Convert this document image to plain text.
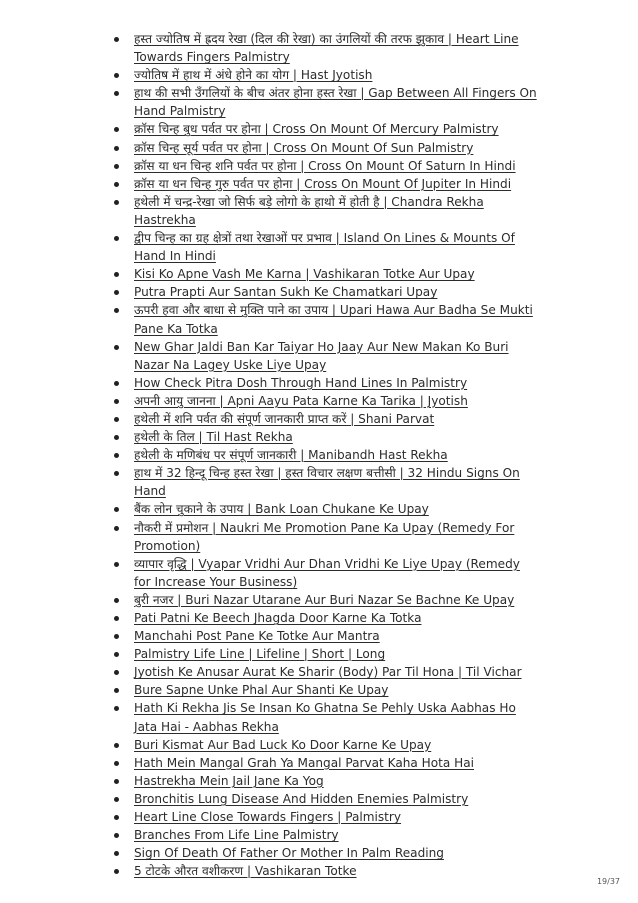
हस्त ज्योतिष में ह्रदय रेखा (दिल की रेखा) का उंगलियों की तरफ झुकाव | Heart Line Towards Fingers Palmistry
ज्योतिष में हाथ में अंधे होने का योग | Hast Jyotish
हाथ की सभी उँगलियों के बीच अंतर होना हस्त रेखा | Gap Between All Fingers On Hand Palmistry
क्रॉस चिन्ह बुध पर्वत पर होना | Cross On Mount Of Mercury Palmistry
क्रॉस चिन्ह सूर्य पर्वत पर होना | Cross On Mount Of Sun Palmistry
क्रॉस या धन चिन्ह शनि पर्वत पर होना | Cross On Mount Of Saturn In Hindi
क्रॉस या धन चिन्ह गुरु पर्वत पर होना | Cross On Mount Of Jupiter In Hindi
हथेली में चन्द्र-रेखा जो सिर्फ बड़े लोगो के हाथो में होती है | Chandra Rekha Hastrekha
द्वीप चिन्ह का ग्रह क्षेत्रों तथा रेखाओं पर प्रभाव | Island On Lines & Mounts Of Hand In Hindi
Kisi Ko Apne Vash Me Karna | Vashikaran Totke Aur Upay
Putra Prapti Aur Santan Sukh Ke Chamatkari Upay
ऊपरी हवा और बाधा से मुक्ति पाने का उपाय | Upari Hawa Aur Badha Se Mukti Pane Ka Totka
New Ghar Jaldi Ban Kar Taiyar Ho Jaay Aur New Makan Ko Buri Nazar Na Lagey Uske Liye Upay
How Check Pitra Dosh Through Hand Lines In Palmistry
अपनी आयु जानना | Apni Aayu Pata Karne Ka Tarika | Jyotish
हथेली में शनि पर्वत की संपूर्ण जानकारी प्राप्त करें | Shani Parvat
हथेली के तिल | Til Hast Rekha
हथेली के मणिबंध पर संपूर्ण जानकारी | Manibandh Hast Rekha
हाथ में 32 हिन्दू चिन्ह हस्त रेखा | हस्त विचार लक्षण बत्तीसी | 32 Hindu Signs On Hand
बैंक लोन चुकाने के उपाय | Bank Loan Chukane Ke Upay
नौकरी में प्रमोशन | Naukri Me Promotion Pane Ka Upay (Remedy For Promotion)
व्यापार वृद्धि | Vyapar Vridhi Aur Dhan Vridhi Ke Liye Upay (Remedy for Increase Your Business)
बुरी नजर | Buri Nazar Utarane Aur Buri Nazar Se Bachne Ke Upay
Pati Patni Ke Beech Jhagda Door Karne Ka Totka
Manchahi Post Pane Ke Totke Aur Mantra
Palmistry Life Line | Lifeline | Short | Long
Jyotish Ke Anusar Aurat Ke Sharir (Body) Par Til Hona | Til Vichar
Bure Sapne Unke Phal Aur Shanti Ke Upay
Hath Ki Rekha Jis Se Insan Ko Ghatna Se Pehly Uska Aabhas Ho Jata Hai - Aabhas Rekha
Buri Kismat Aur Bad Luck Ko Door Karne Ke Upay
Hath Mein Mangal Grah Ya Mangal Parvat Kaha Hota Hai
Hastrekha Mein Jail Jane Ka Yog
Bronchitis Lung Disease And Hidden Enemies Palmistry
Heart Line Close Towards Fingers | Palmistry
Branches From Life Line Palmistry
Sign Of Death Of Father Or Mother In Palm Reading
5 टोटके औरत वशीकरण | Vashikaran Totke
19/37
